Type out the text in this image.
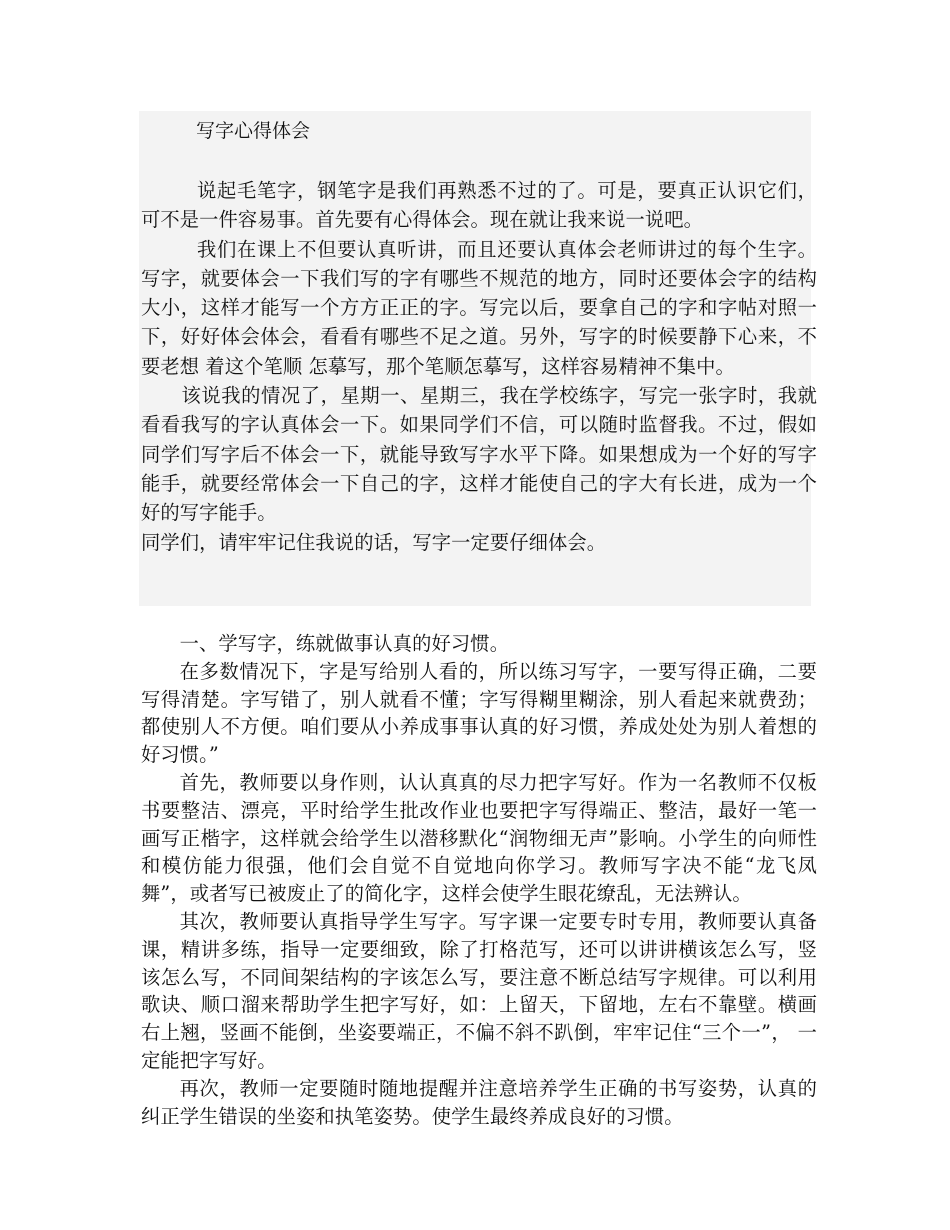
写字心得体会

说起毛笔字，钢笔字是我们再熟悉不过的了。可是，要真正认识它们， 可不是一件容易事。首先要有心得体会。现在就让我来说一说吧。

我们在课上不但要认真听讲，而且还要认真体会老师讲过的每个生字。写字，就要体会一下我们写的字有哪些不规范的地方，同时还要体会字的结构大小，这样才能写一个方方正正的字。写完以后，要拿自己的字和字帖对照一下，好好体会体会，看看有哪些不足之道。另外，写字的时候要静下心来，不要老想 着这个笔顺 怎摹写，那个笔顺怎摹写，这样容易精神不集中。

该说我的情况了，星期一、星期三，我在学校练字，写完一张字时，我就看看我写的字认真体会一下。如果同学们不信，可以随时监督我。不过，假如同学们写字后不体会一下，就能导致写字水平下降。如果想成为一个好的写字能手，就要经常体会一下自己的字，这样才能使自己的字大有长进，成为一个好的写字能手。

同学们，请牢牢记住我说的话，写字一定要仔细体会。

一、学写字，练就做事认真的好习惯。

在多数情况下，字是写给别人看的，所以练习写字，一要写得正确，二要写得清楚。字写错了，别人就看不懂；字写得糊里糊涂，别人看起来就费劲；都使别人不方便。咱们要从小养成事事认真的好习惯，养成处处为别人着想的好习惯。”

首先，教师要以身作则，认认真真的尽力把字写好。作为一名教师不仅板书要整洁、漂亮，平时给学生批改作业也要把字写得端正、整洁，最好一笔一画写正楷字，这样就会给学生以潜移默化“润物细无声”影响。小学生的向师性和模仿能力很强，他们会自觉不自觉地向你学习。教师写字决不能“龙飞凤舞”，或者写已被废止了的简化字，这样会使学生眼花缭乱，无法辨认。

其次，教师要认真指导学生写字。写字课一定要专时专用，教师要认真备课，精讲多练，指导一定要细致，除了打格范写，还可以讲讲横该怎么写，竖该怎么写，不同间架结构的字该怎么写，要注意不断总结写字规律。可以利用歌诀、顺口溜来帮助学生把字写好，如：上留天，下留地，左右不靠壁。横画右上翘，竖画不能倒，坐姿要端正，不偏不斜不趴倒，牢牢记住“三个一”， 一定能把字写好。

再次，教师一定要随时随地提醒并注意培养学生正确的书写姿势，认真的纠正学生错误的坐姿和执笔姿势。使学生最终养成良好的习惯。
